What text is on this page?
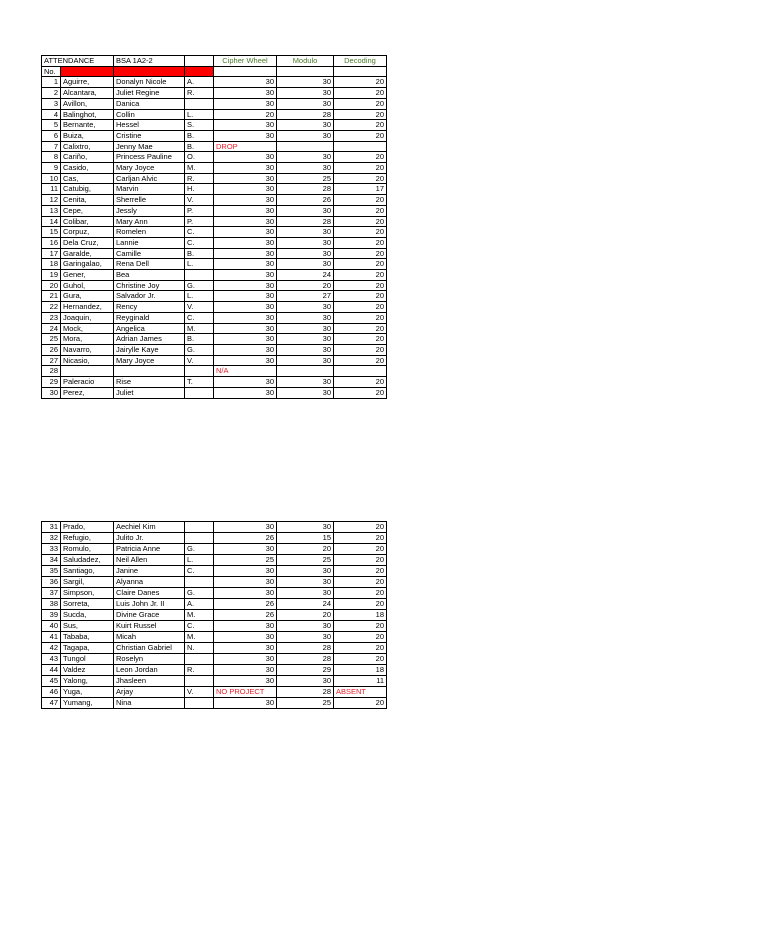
ATTENDANCE		BSA 1A2-2		Cipher Wheel	Modulo	Decoding
No.	Last Name	First Name	M			
1	Aguirre,	Donalyn Nicole	A.	30	30	20
2	Alcantara,	Juliet Regine	R.	30	30	20
3	Avillon,	Danica		30	30	20
4	Balinghot,	Collin	L.	20	28	20
5	Bernante,	Hessel	S.	30	30	20
6	Buiza,	Cristine	B.	30	30	20
7	Calixtro,	Jenny Mae	B.	DROP		
8	Cariño,	Princess Pauline	O.	30	30	20
9	Casido,	Mary Joyce	M.	30	30	20
10	Cas,	Carljan Alvic	R.	30	25	20
11	Catubig,	Marvin	H.	30	28	17
12	Cenita,	Sherrelle	V.	30	26	20
13	Cepe,	Jessly	P.	30	30	20
14	Colibar,	Mary Ann	P.	30	28	20
15	Corpuz,	Romelen	C.	30	30	20
16	Dela Cruz,	Lannie	C.	30	30	20
17	Garalde,	Camille	B.	30	30	20
18	Garingalao,	Rena Dell	L.	30	30	20
19	Gener,	Bea		30	24	20
20	Guhol,	Christine Joy	G.	30	20	20
21	Gura,	Salvador Jr.	L.	30	27	20
22	Hernandez,	Rency	V.	30	30	20
23	Joaquin,	Reyginald	C.	30	30	20
24	Mock,	Angelica	M.	30	30	20
25	Mora,	Adrian James	B.	30	30	20
26	Navarro,	Jairylle Kaye	G.	30	30	20
27	Nicasio,	Mary Joyce	V.	30	30	20
28				N/A		
29	Paleracio	Rise	T.	30	30	20
30	Perez,	Juliet		30	30	20
31	Prado,	Aechiel Kim		30	30	20
32	Refugio,	Julito Jr.		26	15	20
33	Romulo,	Patricia Anne	G.	30	20	20
34	Saludadez,	Neil Allen	L.	25	25	20
35	Santiago,	Janine	C.	30	30	20
36	Sargil,	Alyanna		30	30	20
37	Simpson,	Claire Danes	G.	30	30	20
38	Sorreta,	Luis John Jr. II	A.	26	24	20
39	Sucda,	Divine Grace	M.	26	20	18
40	Sus,	Kuirt Russel	C.	30	30	20
41	Tababa,	Micah	M.	30	30	20
42	Tagapa,	Christian Gabriel	N.	30	28	20
43	Tungol	Roselyn		30	28	20
44	Valdez	Leon Jordan	R.	30	29	18
45	Yalong,	Jhasleen		30	30	11
46	Yuga,	Arjay	V.	NO PROJECT	28	ABSENT
47	Yumang,	Nina		30	25	20
